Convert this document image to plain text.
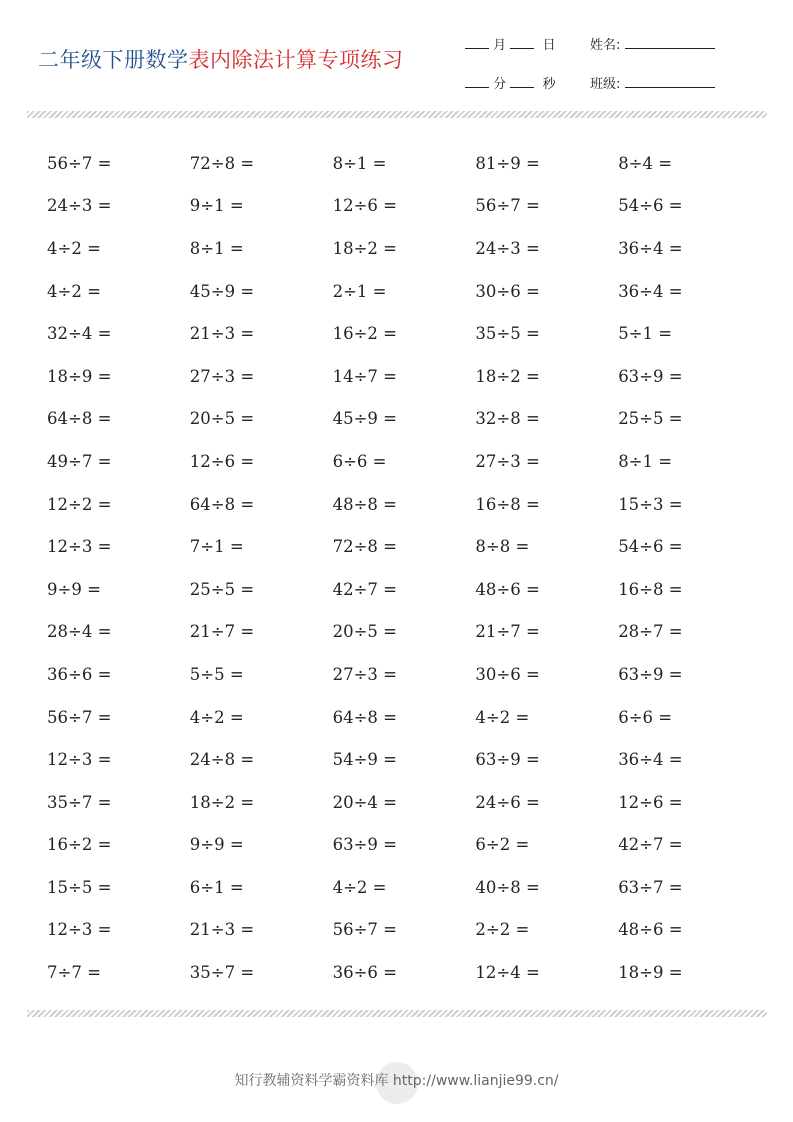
二年级下册数学表内除法计算专项练习
月	日
分	秒
姓名:
班级:
56÷7 =	72÷8 =	8÷1 =	81÷9 =	8÷4 =
24÷3 =	9÷1 =	12÷6 =	56÷7 =	54÷6 =
4÷2 =	8÷1 =	18÷2 =	24÷3 =	36÷4 =
4÷2 =	45÷9 =	2÷1 =	30÷6 =	36÷4 =
32÷4 =	21÷3 =	16÷2 =	35÷5 =	5÷1 =
18÷9 =	27÷3 =	14÷7 =	18÷2 =	63÷9 =
64÷8 =	20÷5 =	45÷9 =	32÷8 =	25÷5 =
49÷7 =	12÷6 =	6÷6 =	27÷3 =	8÷1 =
12÷2 =	64÷8 =	48÷8 =	16÷8 =	15÷3 =
12÷3 =	7÷1 =	72÷8 =	8÷8 =	54÷6 =
9÷9 =	25÷5 =	42÷7 =	48÷6 =	16÷8 =
28÷4 =	21÷7 =	20÷5 =	21÷7 =	28÷7 =
36÷6 =	5÷5 =	27÷3 =	30÷6 =	63÷9 =
56÷7 =	4÷2 =	64÷8 =	4÷2 =	6÷6 =
12÷3 =	24÷8 =	54÷9 =	63÷9 =	36÷4 =
35÷7 =	18÷2 =	20÷4 =	24÷6 =	12÷6 =
16÷2 =	9÷9 =	63÷9 =	6÷2 =	42÷7 =
15÷5 =	6÷1 =	4÷2 =	40÷8 =	63÷7 =
12÷3 =	21÷3 =	56÷7 =	2÷2 =	48÷6 =
7÷7 =	35÷7 =	36÷6 =	12÷4 =	18÷9 =
知行教辅资料学霸资料库 http://www.lianjie99.cn/
